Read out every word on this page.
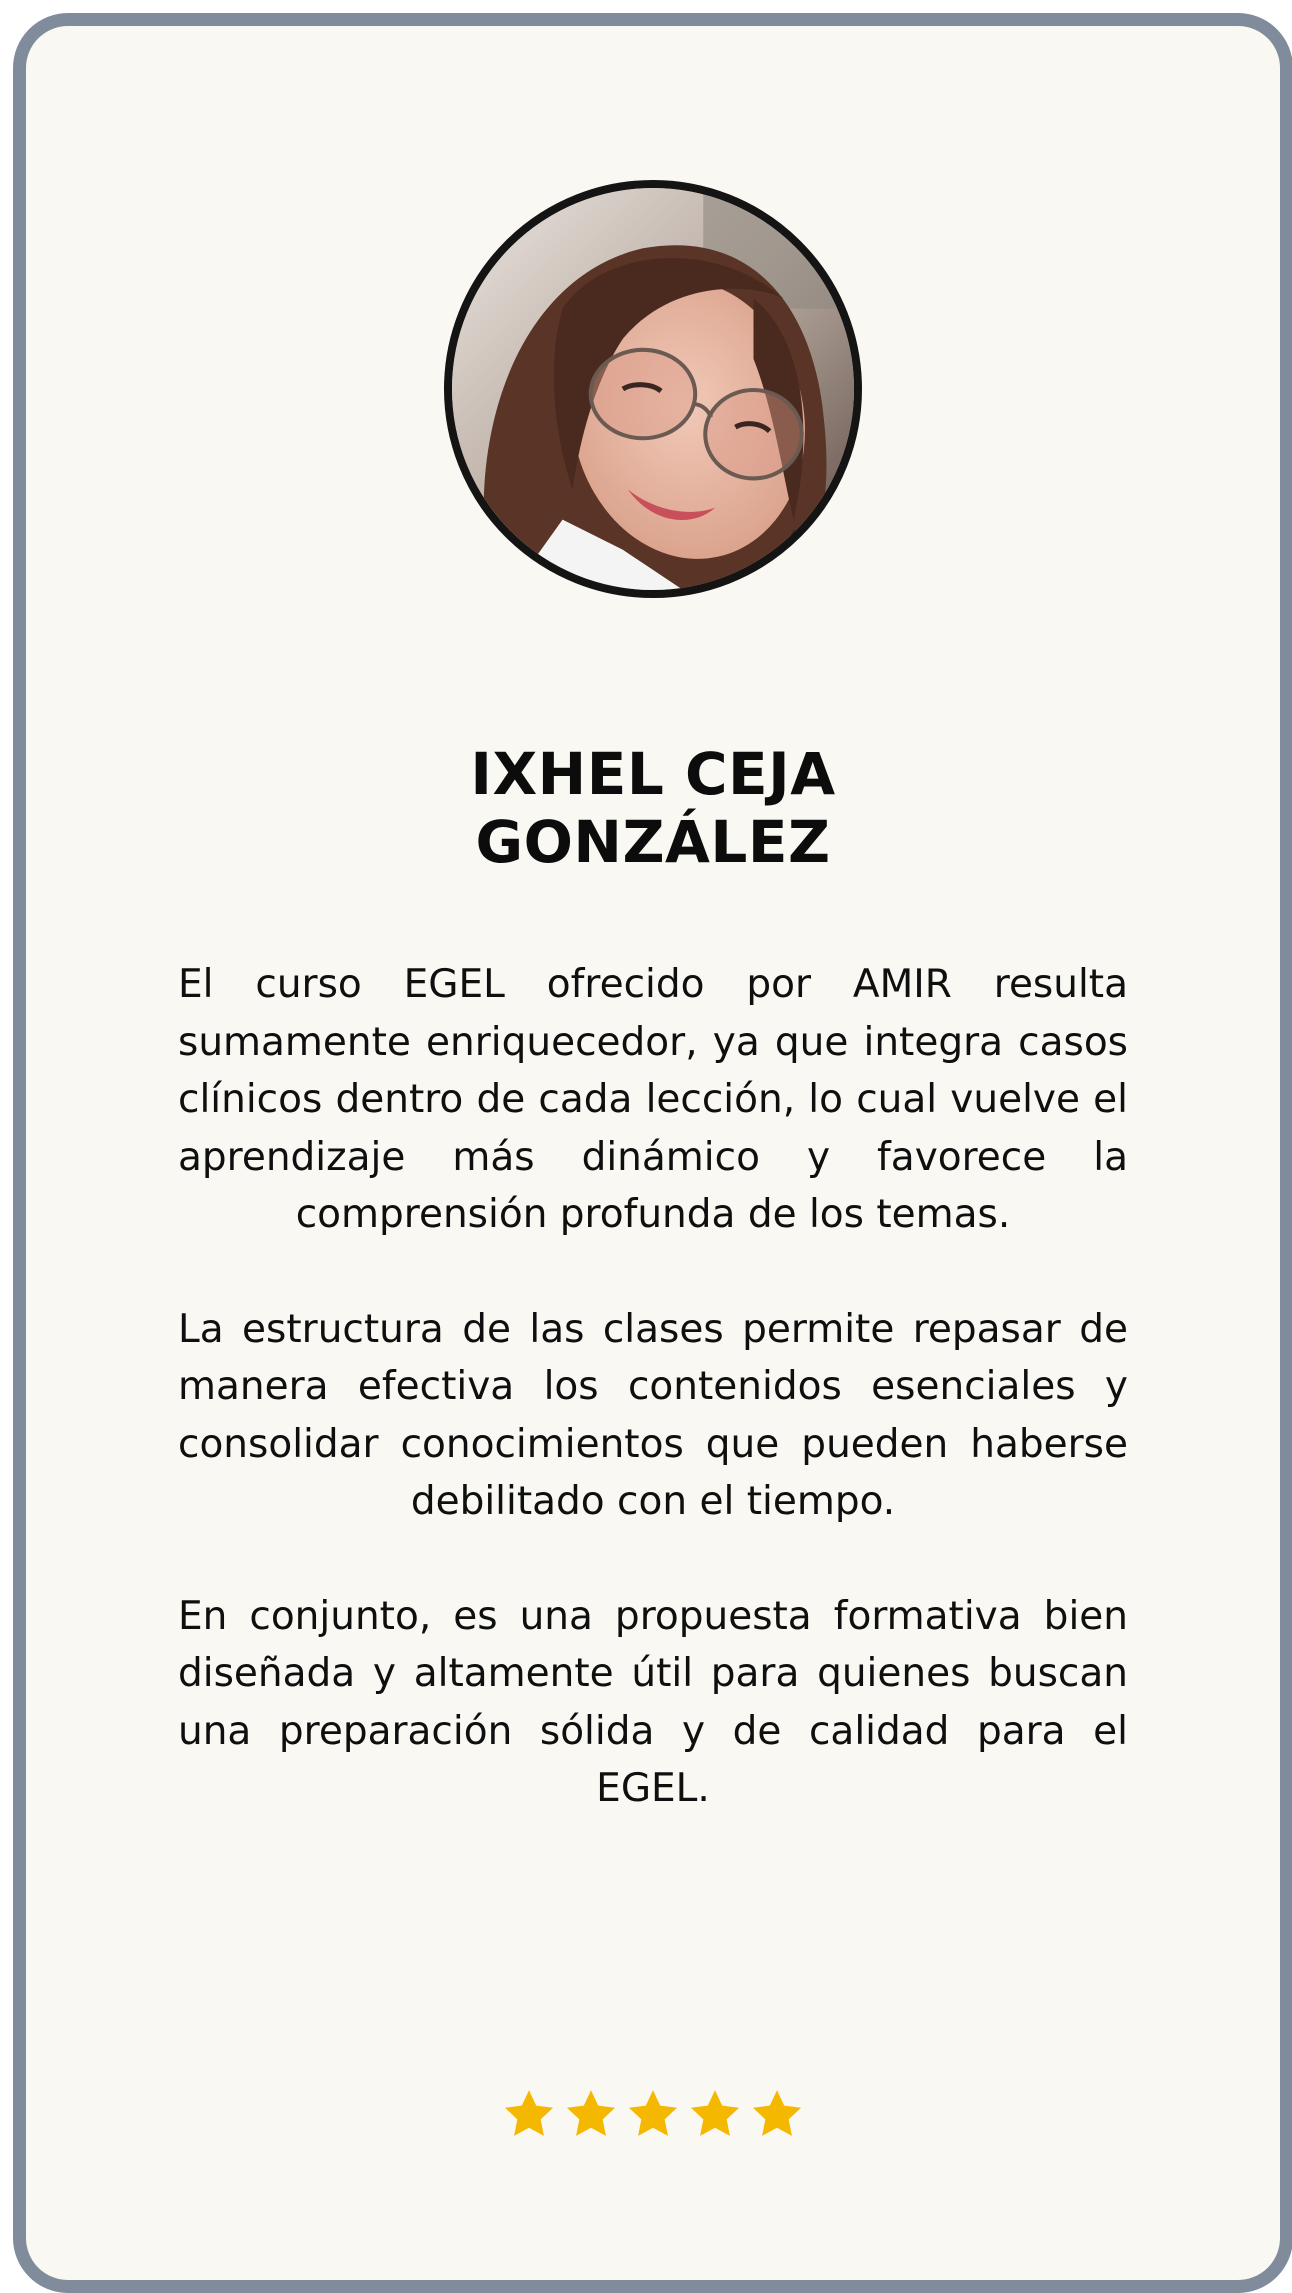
IXHEL CEJA
GONZÁLEZ

El curso EGEL ofrecido por AMIR resulta sumamente enriquecedor, ya que integra casos clínicos dentro de cada lección, lo cual vuelve el aprendizaje más dinámico y favorece la comprensión profunda de los temas.

La estructura de las clases permite repasar de manera efectiva los contenidos esenciales y consolidar conocimientos que pueden haberse debilitado con el tiempo.

En conjunto, es una propuesta formativa bien diseñada y altamente útil para quienes buscan una preparación sólida y de calidad para el EGEL.
